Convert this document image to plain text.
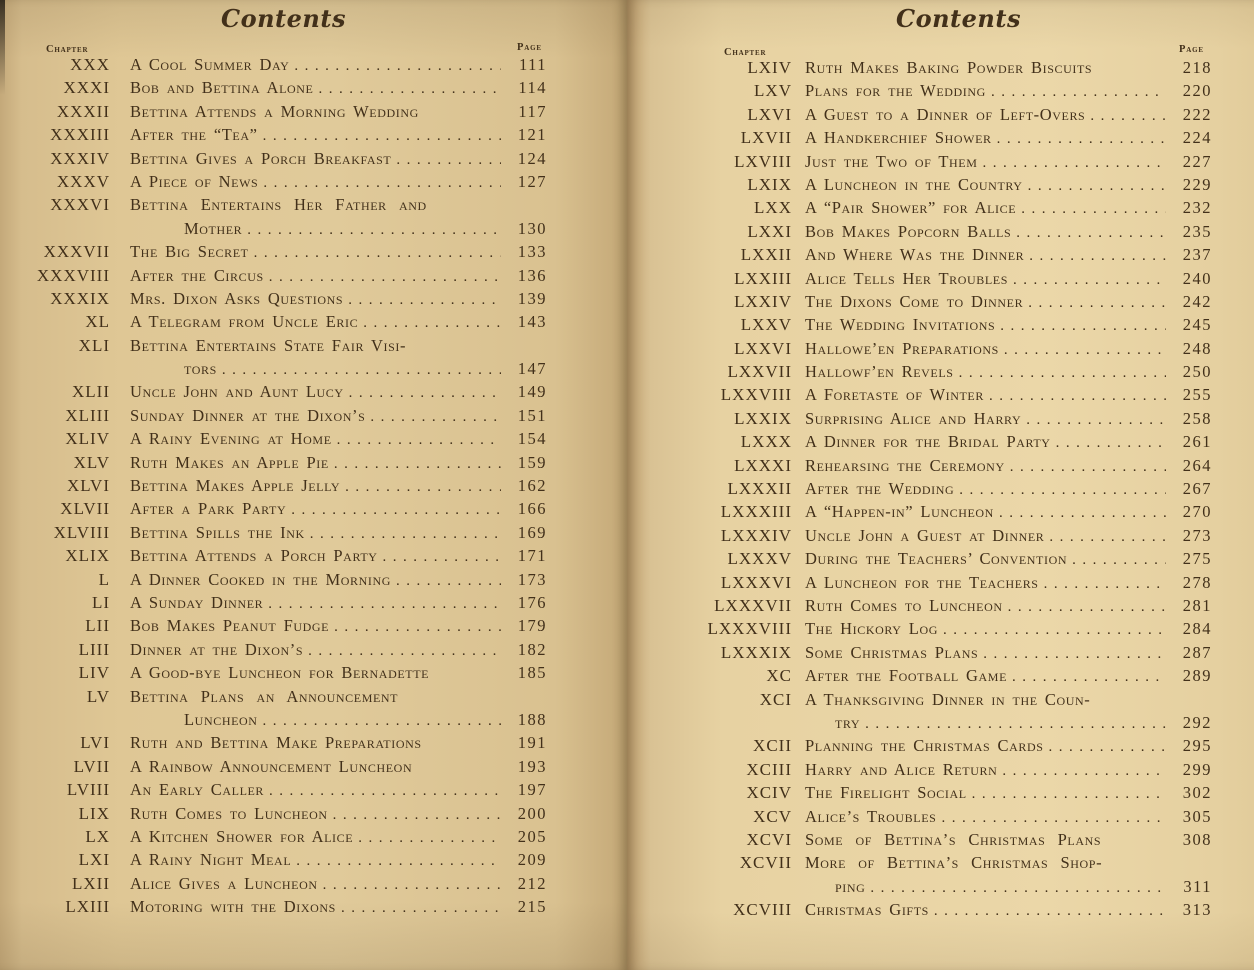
Contents
Chapter	Page
XXX A Cool Summer Day .....	111
XXXI Bob and Bettina Alone .....	114
XXXII Bettina Attends a Morning Wedding	117
XXXIII After the “Tea” .....	121
XXXIV Bettina Gives a Porch Breakfast .....	124
XXXV A Piece of News .....	127
XXXVI Bettina Entertains Her Father and
Mother .....	130
XXXVII The Big Secret .....	133
XXXVIII After the Circus .....	136
XXXIX Mrs. Dixon Asks Questions .....	139
XL A Telegram from Uncle Eric .....	143
XLI Bettina Entertains State Fair Visi-
tors .....	147
XLII Uncle John and Aunt Lucy .....	149
XLIII Sunday Dinner at the Dixon’s .....	151
XLIV A Rainy Evening at Home .....	154
XLV Ruth Makes an Apple Pie .....	159
XLVI Bettina Makes Apple Jelly .....	162
XLVII After a Park Party .....	166
XLVIII Bettina Spills the Ink .....	169
XLIX Bettina Attends a Porch Party .....	171
L A Dinner Cooked in the Morning .....	173
LI A Sunday Dinner .....	176
LII Bob Makes Peanut Fudge .....	179
LIII Dinner at the Dixon’s .....	182
LIV A Good-bye Luncheon for Bernadette	185
LV Bettina Plans an Announcement
Luncheon .....	188
LVI Ruth and Bettina Make Preparations	191
LVII A Rainbow Announcement Luncheon	193
LVIII An Early Caller .....	197
LIX Ruth Comes to Luncheon .....	200
LX A Kitchen Shower for Alice .....	205
LXI A Rainy Night Meal .....	209
LXII Alice Gives a Luncheon .....	212
LXIII Motoring with the Dixons .....	215
Contents
Chapter	Page
LXIV Ruth Makes Baking Powder Biscuits	218
LXV Plans for the Wedding .....	220
LXVI A Guest to a Dinner of Left-Overs .....	222
LXVII A Handkerchief Shower .....	224
LXVIII Just the Two of Them .....	227
LXIX A Luncheon in the Country .....	229
LXX A “Pair Shower” for Alice .....	232
LXXI Bob Makes Popcorn Balls .....	235
LXXII And Where Was the Dinner .....	237
LXXIII Alice Tells Her Troubles .....	240
LXXIV The Dixons Come to Dinner .....	242
LXXV The Wedding Invitations .....	245
LXXVI Hallowe’en Preparations .....	248
LXXVII Hallowf’en Revels .....	250
LXXVIII A Foretaste of Winter .....	255
LXXIX Surprising Alice and Harry .....	258
LXXX A Dinner for the Bridal Party .....	261
LXXXI Rehearsing the Ceremony .....	264
LXXXII After the Wedding .....	267
LXXXIII A “Happen-in” Luncheon .....	270
LXXXIV Uncle John a Guest at Dinner .....	273
LXXXV During the Teachers’ Convention .....	275
LXXXVI A Luncheon for the Teachers .....	278
LXXXVII Ruth Comes to Luncheon .....	281
LXXXVIII The Hickory Log .....	284
LXXXIX Some Christmas Plans .....	287
XC After the Football Game .....	289
XCI A Thanksgiving Dinner in the Coun-
try .....	292
XCII Planning the Christmas Cards .....	295
XCIII Harry and Alice Return .....	299
XCIV The Firelight Social .....	302
XCV Alice’s Troubles .....	305
XCVI Some of Bettina’s Christmas Plans	308
XCVII More of Bettina’s Christmas Shop-
ping .....	311
XCVIII Christmas Gifts .....	313
